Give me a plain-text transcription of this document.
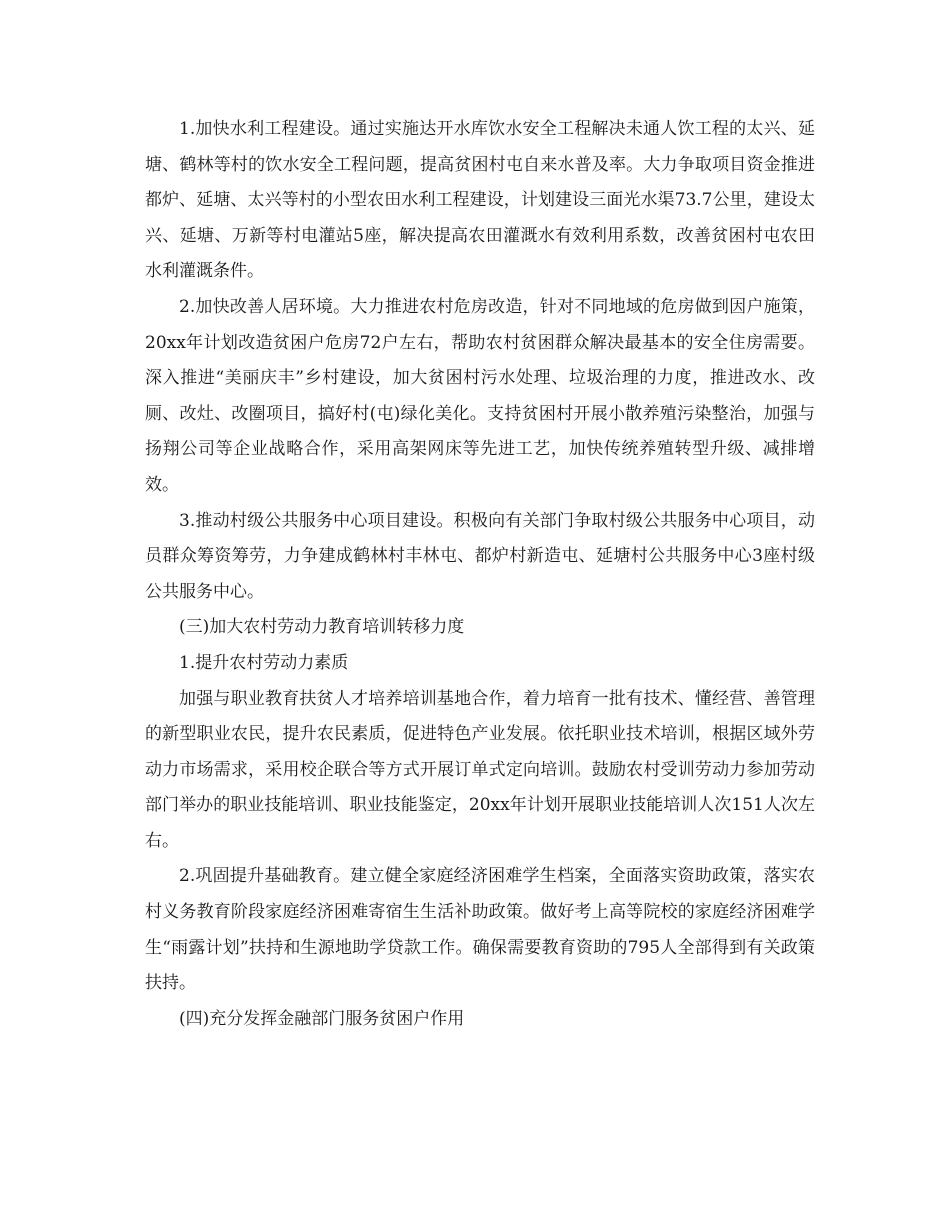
1.加快水利工程建设。通过实施达开水库饮水安全工程解决未通人饮工程的太兴、延塘、鹤林等村的饮水安全工程问题，提高贫困村屯自来水普及率。大力争取项目资金推进都炉、延塘、太兴等村的小型农田水利工程建设，计划建设三面光水渠73.7公里，建设太兴、延塘、万新等村电灌站5座，解决提高农田灌溉水有效利用系数，改善贫困村屯农田水利灌溉条件。

2.加快改善人居环境。大力推进农村危房改造，针对不同地域的危房做到因户施策，20xx年计划改造贫困户危房72户左右，帮助农村贫困群众解决最基本的安全住房需要。深入推进“美丽庆丰”乡村建设，加大贫困村污水处理、垃圾治理的力度，推进改水、改厕、改灶、改圈项目，搞好村(屯)绿化美化。支持贫困村开展小散养殖污染整治，加强与扬翔公司等企业战略合作，采用高架网床等先进工艺，加快传统养殖转型升级、减排增效。

3.推动村级公共服务中心项目建设。积极向有关部门争取村级公共服务中心项目，动员群众筹资筹劳，力争建成鹤林村丰林屯、都炉村新造屯、延塘村公共服务中心3座村级公共服务中心。

(三)加大农村劳动力教育培训转移力度

1.提升农村劳动力素质

加强与职业教育扶贫人才培养培训基地合作，着力培育一批有技术、懂经营、善管理的新型职业农民，提升农民素质，促进特色产业发展。依托职业技术培训，根据区域外劳动力市场需求，采用校企联合等方式开展订单式定向培训。鼓励农村受训劳动力参加劳动部门举办的职业技能培训、职业技能鉴定，20xx年计划开展职业技能培训人次151人次左右。

2.巩固提升基础教育。建立健全家庭经济困难学生档案，全面落实资助政策，落实农村义务教育阶段家庭经济困难寄宿生生活补助政策。做好考上高等院校的家庭经济困难学生“雨露计划”扶持和生源地助学贷款工作。确保需要教育资助的795人全部得到有关政策扶持。

(四)充分发挥金融部门服务贫困户作用
